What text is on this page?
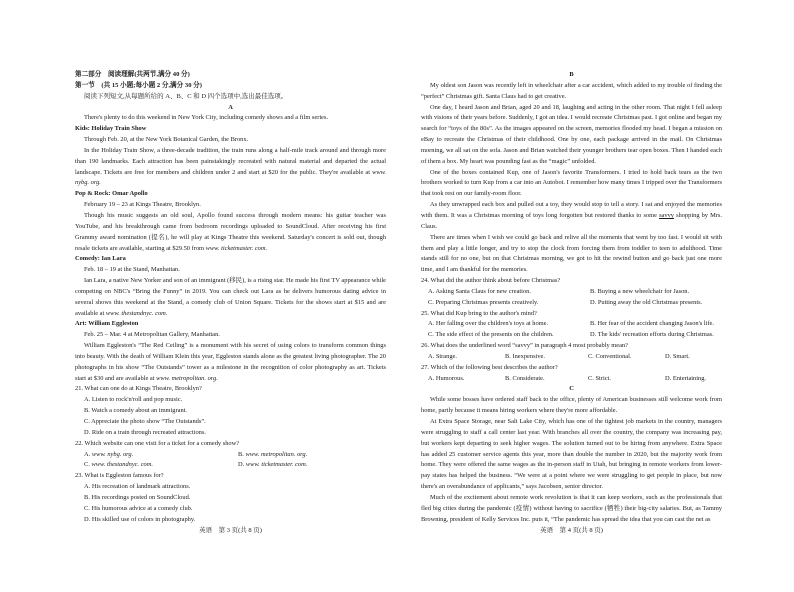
第二部分　阅读理解(共两节,满分 40 分)

第一节　(共 15 小题;每小题 2 分,满分 30 分)

阅读下列短文,从每题所给的 A、B、C 和 D 四个选项中,选出最佳选项。

A

There's plenty to do this weekend in New York City, including comedy shows and a film series.

Kids: Holiday Train Show

Through Feb. 20, at the New York Botanical Garden, the Bronx.

In the Holiday Train Show, a three-decade tradition, the train runs along a half-mile track around and through more than 190 landmarks. Each attraction has been painstakingly recreated with natural material and departed the actual landscape. Tickets are free for members and children under 2 and start at $20 for the public. They're available at www. nybg. org.

Pop & Rock: Omar Apollo

February 19 – 23 at Kings Theatre, Brooklyn.

Though his music suggests an old soul, Apollo found success through modern means: his guitar teacher was YouTube, and his breakthrough came from bedroom recordings uploaded to SoundCloud. After receiving his first Grammy award nomination (提名), he will play at Kings Theatre this weekend. Saturday's concert is sold out, though resale tickets are available, starting at $29.50 from www. ticketmaster. com.

Comedy: Ian Lara

Feb. 18 – 19 at the Stand, Manhattan.

Ian Lara, a native New Yorker and son of an immigrant (移民), is a rising star. He made his first TV appearance while competing on NBC's “Bring the Funny” in 2019. You can check out Lara as he delivers humorous dating advice in several shows this weekend at the Stand, a comedy club of Union Square. Tickets for the shows start at $15 and are available at www. thestandnyc. com.

Art: William Eggleston

Feb. 25 – Mar. 4 at Metropolitan Gallery, Manhattan.

William Eggleston's “The Red Ceiling” is a monument with his secret of using colors to transform common things into beauty. With the death of William Klein this year, Eggleston stands alone as the greatest living photographer. The 20 photographs in his show “The Outstands” tower as a milestone in the recognition of color photography as art. Tickets start at $30 and are available at www. metropolitan. org.

21. What can one do at Kings Theatre, Brooklyn?

A. Listen to rock'n'roll and pop music.

B. Watch a comedy about an immigrant.

C. Appreciate the photo show “The Outstands”.

D. Ride on a train through recreated attractions.

22. Which website can one visit for a ticket for a comedy show?

A. www. nybg. org.	B. www. metropolitan. org.
C. www. thestandnyc. com.	D. www. ticketmaster. com.

23. What is Eggleston famous for?

A. His recreation of landmark attractions.

B. His recordings posted on SoundCloud.

C. His humorous advice at a comedy club.

D. His skilled use of colors in photography.

B

My oldest son Jason was recently left in wheelchair after a car accident, which added to my trouble of finding the “perfect” Christmas gift. Santa Claus had to get creative.

One day, I heard Jason and Brian, aged 20 and 18, laughing and acting in the other room. That night I fell asleep with visions of their years before. Suddenly, I got an idea. I would recreate Christmas past. I got online and began my search for “toys of the 80s”. As the images appeared on the screen, memories flooded my head. I began a mission on eBay to recreate the Christmas of their childhood. One by one, each package arrived in the mail. On Christmas morning, we all sat on the sofa. Jason and Brian watched their younger brothers tear open boxes. Then I handed each of them a box. My heart was pounding fast as the “magic” unfolded.

One of the boxes contained Kup, one of Jason's favorite Transformers. I tried to hold back tears as the two brothers worked to turn Kup from a car into an Autobot. I remember how many times I tripped over the Transformers that took rest on our family-room floor.

As they unwrapped each box and pulled out a toy, they would stop to tell a story. I sat and enjoyed the memories with them. It was a Christmas morning of toys long forgotten but restored thanks to some savvy shopping by Mrs. Claus.

There are times when I wish we could go back and relive all the moments that went by too fast. I would sit with them and play a little longer, and try to stop the clock from forcing them from toddler to teen to adulthood. Time stands still for no one, but on that Christmas morning, we got to hit the rewind button and go back just one more time, and I am thankful for the memories.

24. What did the author think about before Christmas?

A. Asking Santa Claus for new creation.	B. Buying a new wheelchair for Jason.
C. Preparing Christmas presents creatively.	D. Putting away the old Christmas presents.

25. What did Kup bring to the author's mind?

A. Her falling over the children's toys at home.	B. Her fear of the accident changing Jason's life.
C. The side effect of the presents on the children.	D. The kids' recreation efforts during Christmas.

26. What does the underlined word “savvy” in paragraph 4 most probably mean?

A. Strange.	B. Inexpensive.	C. Conventional.	D. Smart.

27. Which of the following best describes the author?

A. Humorous.	B. Considerate.	C. Strict.	D. Entertaining.

C

While some bosses have ordered staff back to the office, plenty of American businesses still welcome work from home, partly because it means hiring workers where they're more affordable.

At Extra Space Storage, near Salt Lake City, which has one of the tightest job markets in the country, managers were struggling to staff a call center last year. With branches all over the country, the company was increasing pay, but workers kept departing to seek higher wages. The solution turned out to be hiring from anywhere. Extra Space has added 25 customer service agents this year, more than double the number in 2020, but the majority work from home. They were offered the same wages as the in-person staff in Utah, but bringing in remote workers from lower-pay states has helped the business. “We were at a point where we were struggling to get people in place, but now there's an overabundance of applicants,” says Jacobsen, senior director.

Much of the excitement about remote work revolution is that it can keep workers, such as the professionals that fled big cities during the pandemic (疫情) without having to sacrifice (牺牲) their big-city salaries. But, as Tammy Browning, president of Kelly Services Inc. puts it, “The pandemic has spread the idea that you can cast the net as

英语　第 3 页(共 8 页)	英语　第 4 页(共 8 页)
